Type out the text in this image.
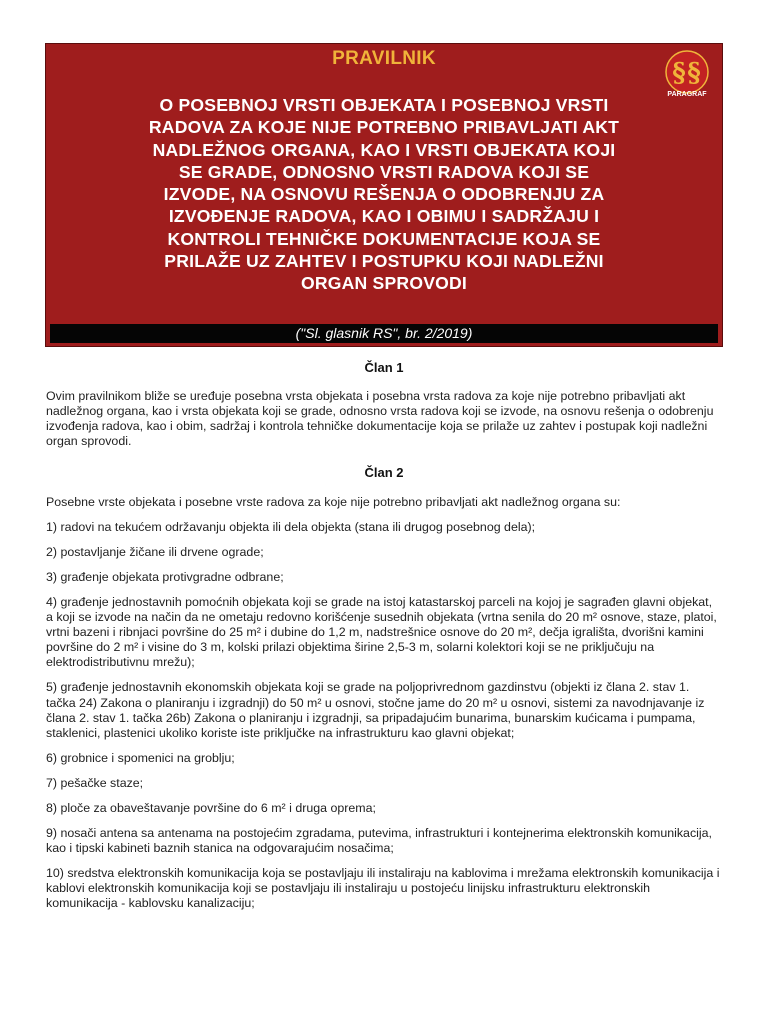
PRAVILNIK	§ §
PARAGRAF
O POSEBNOJ VRSTI OBJEKATA I POSEBNOJ VRSTI
RADOVA ZA KOJE NIJE POTREBNO PRIBAVLJATI AKT
NADLEŽNOG ORGANA, KAO I VRSTI OBJEKATA KOJI
SE GRADE, ODNOSNO VRSTI RADOVA KOJI SE
IZVODE, NA OSNOVU REŠENJA O ODOBRENJU ZA
IZVOĐENJE RADOVA, KAO I OBIMU I SADRŽAJU I
KONTROLI TEHNIČKE DOKUMENTACIJE KOJA SE
PRILAŽE UZ ZAHTEV I POSTUPKU KOJI NADLEŽNI
ORGAN SPROVODI
("Sl. glasnik RS", br. 2/2019)
Član 1

Ovim pravilnikom bliže se uređuje posebna vrsta objekata i posebna vrsta radova za koje nije potrebno pribavljati akt nadležnog organa, kao i vrsta objekata koji se grade, odnosno vrsta radova koji se izvode, na osnovu rešenja o odobrenju izvođenja radova, kao i obim, sadržaj i kontrola tehničke dokumentacije koja se prilaže uz zahtev i postupak koji nadležni organ sprovodi.

Član 2

Posebne vrste objekata i posebne vrste radova za koje nije potrebno pribavljati akt nadležnog organa su:

1) radovi na tekućem održavanju objekta ili dela objekta (stana ili drugog posebnog dela);

2) postavljanje žičane ili drvene ograde;

3) građenje objekata protivgradne odbrane;

4) građenje jednostavnih pomoćnih objekata koji se grade na istoj katastarskoj parceli na kojoj je sagrađen glavni objekat, a koji se izvode na način da ne ometaju redovno korišćenje susednih objekata (vrtna senila do 20 m² osnove, staze, platoi, vrtni bazeni i ribnjaci površine do 25 m² i dubine do 1,2 m, nadstrešnice osnove do 20 m², dečja igrališta, dvorišni kamini površine do 2 m² i visine do 3 m, kolski prilazi objektima širine 2,5-3 m, solarni kolektori koji se ne priključuju na elektrodistributivnu mrežu);

5) građenje jednostavnih ekonomskih objekata koji se grade na poljoprivrednom gazdinstvu (objekti iz člana 2. stav 1. tačka 24) Zakona o planiranju i izgradnji) do 50 m² u osnovi, stočne jame do 20 m² u osnovi, sistemi za navodnjavanje iz člana 2. stav 1. tačka 26b) Zakona o planiranju i izgradnji, sa pripadajućim bunarima, bunarskim kućicama i pumpama, staklenici, plastenici ukoliko koriste iste priključke na infrastrukturu kao glavni objekat;

6) grobnice i spomenici na groblju;

7) pešačke staze;

8) ploče za obaveštavanje površine do 6 m² i druga oprema;

9) nosači antena sa antenama na postojećim zgradama, putevima, infrastrukturi i kontejnerima elektronskih komunikacija, kao i tipski kabineti baznih stanica na odgovarajućim nosačima;

10) sredstva elektronskih komunikacija koja se postavljaju ili instaliraju na kablovima i mrežama elektronskih komunikacija i kablovi elektronskih komunikacija koji se postavljaju ili instaliraju u postojeću linijsku infrastrukturu elektronskih komunikacija - kablovsku kanalizaciju;
